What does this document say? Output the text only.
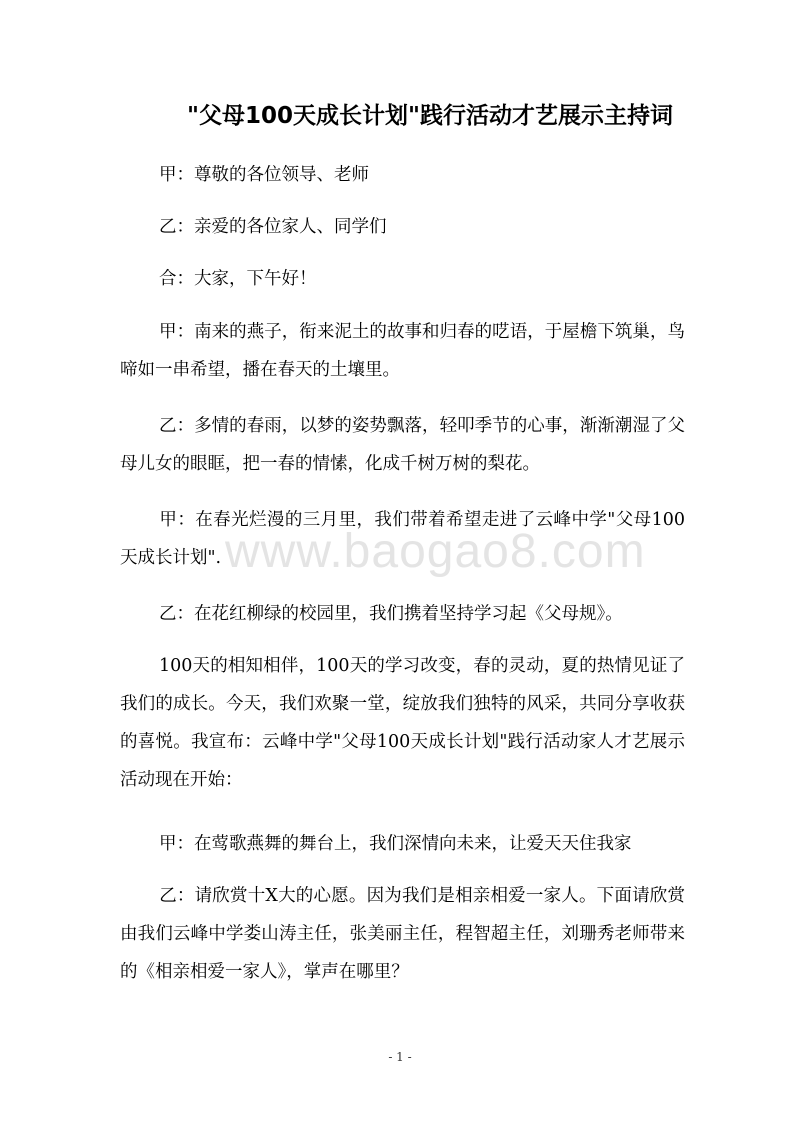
www.baogao8.com
"父母100天成长计划"践行活动才艺展示主持词

甲：尊敬的各位领导、老师

乙：亲爱的各位家人、同学们

合：大家，下午好！

甲：南来的燕子，衔来泥土的故事和归春的呓语，于屋檐下筑巢，鸟啼如一串希望，播在春天的土壤里。

乙：多情的春雨，以梦的姿势飘落，轻叩季节的心事，渐渐潮湿了父母儿女的眼眶，把一春的情愫，化成千树万树的梨花。

甲：在春光烂漫的三月里，我们带着希望走进了云峰中学"父母100天成长计划".

乙：在花红柳绿的校园里，我们携着坚持学习起《父母规》。

100天的相知相伴，100天的学习改变，春的灵动，夏的热情见证了我们的成长。今天，我们欢聚一堂，绽放我们独特的风采，共同分享收获的喜悦。我宣布：云峰中学"父母100天成长计划"践行活动家人才艺展示活动现在开始：

甲：在莺歌燕舞的舞台上，我们深情向未来，让爱天天住我家

乙：请欣赏十X大的心愿。因为我们是相亲相爱一家人。下面请欣赏由我们云峰中学娄山涛主任，张美丽主任，程智超主任，刘珊秀老师带来的《相亲相爱一家人》，掌声在哪里？

- 1 -
